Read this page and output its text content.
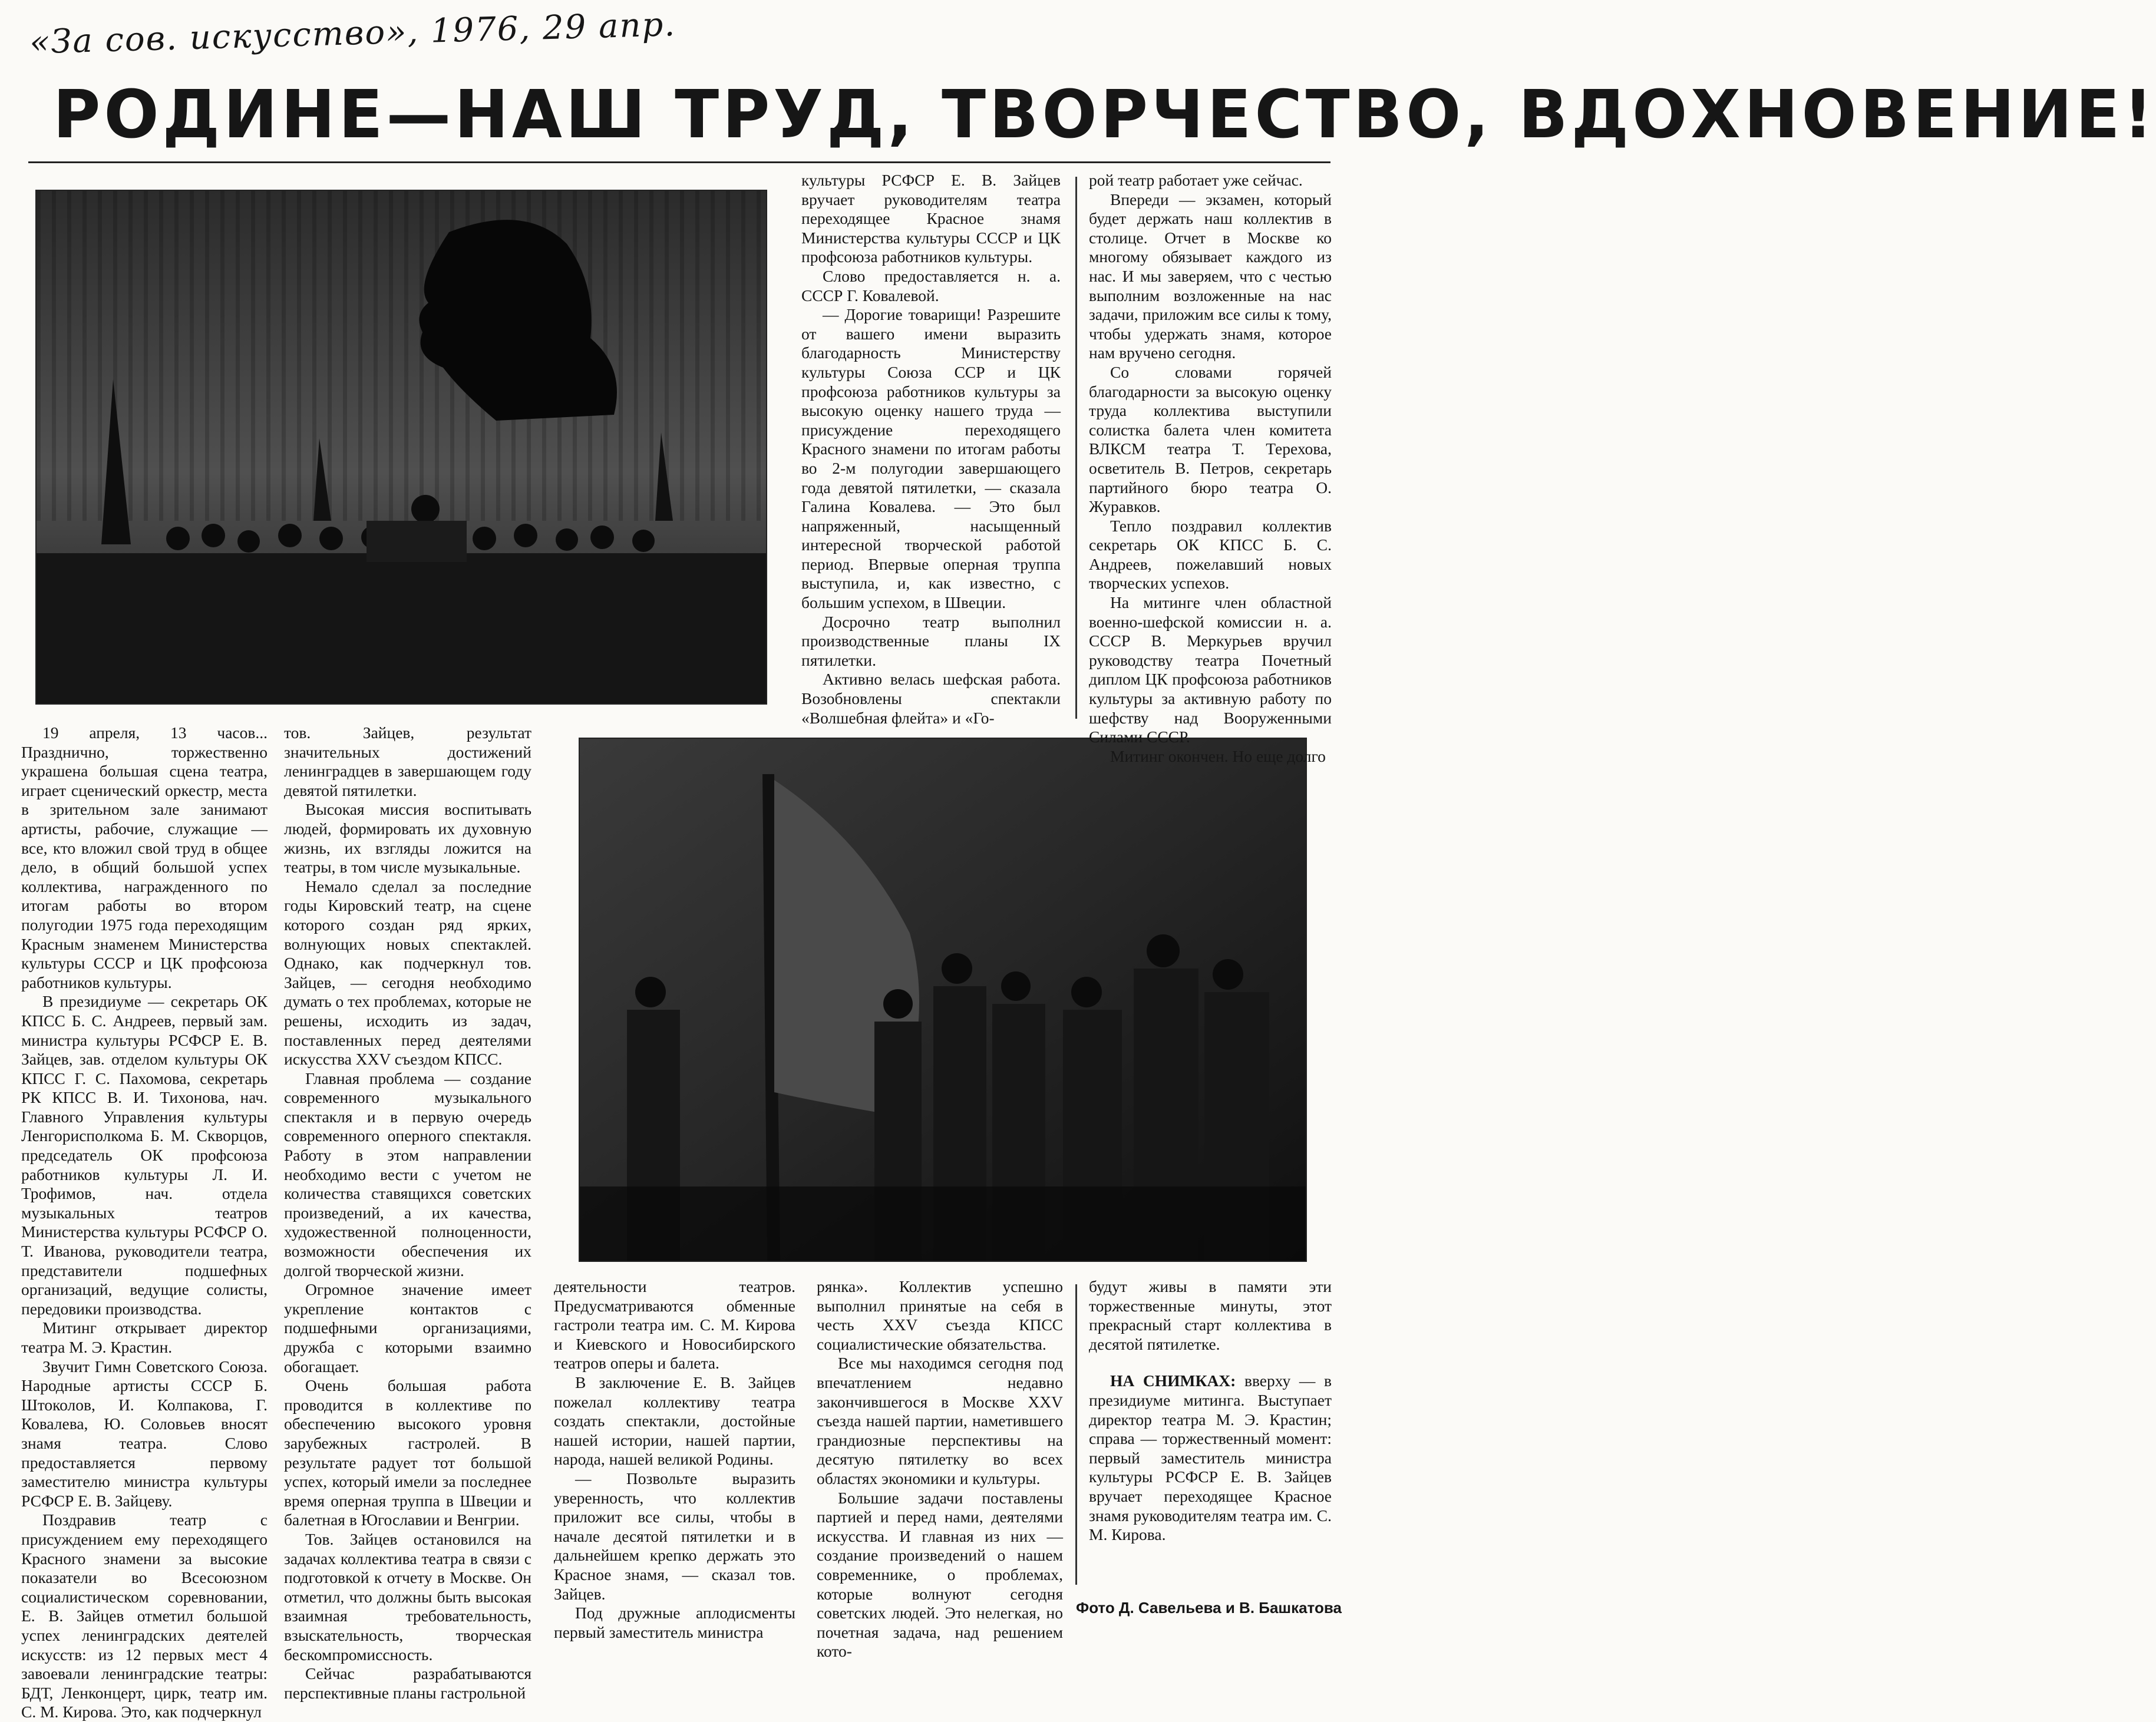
«За сов. искусство», 1976, 29 апр.
РОДИНЕ—НАШ ТРУД, ТВОРЧЕСТВО, ВДОХНОВЕНИЕ!

19 апреля, 13 часов... Празднично, торжественно украшена большая сцена театра, играет сценический оркестр, места в зрительном зале занимают артисты, рабочие, служащие — все, кто вложил свой труд в общее дело, в общий большой успех коллектива, награжденного по итогам работы во втором полугодии 1975 года переходящим Красным знаменем Министерства культуры СССР и ЦК профсоюза работников культуры.

В президиуме — секретарь ОК КПСС Б. С. Андреев, первый зам. министра культуры РСФСР Е. В. Зайцев, зав. отделом культуры ОК КПСС Г. С. Пахомова, секретарь РК КПСС В. И. Тихонова, нач. Главного Управления культуры Ленгорисполкома Б. М. Скворцов, председатель ОК профсоюза работников культуры Л. И. Трофимов, нач. отдела музыкальных театров Министерства культуры РСФСР О. Т. Иванова, руководители театра, представители подшефных организаций, ведущие солисты, передовики производства.

Митинг открывает директор театра М. Э. Крастин.

Звучит Гимн Советского Союза. Народные артисты СССР Б. Штоколов, И. Колпакова, Г. Ковалева, Ю. Соловьев вносят знамя театра. Слово предоставляется первому заместителю министра культуры РСФСР Е. В. Зайцеву.

Поздравив театр с присуждением ему переходящего Красного знамени за высокие показатели во Всесоюзном социалистическом соревновании, Е. В. Зайцев отметил большой успех ленинградских деятелей искусств: из 12 первых мест 4 завоевали ленинградские театры: БДТ, Ленконцерт, цирк, театр им. С. М. Кирова. Это, как подчеркнул

тов. Зайцев, результат значительных достижений ленинградцев в завершающем году девятой пятилетки.

Высокая миссия воспитывать людей, формировать их духовную жизнь, их взгляды ложится на театры, в том числе музыкальные.

Немало сделал за последние годы Кировский театр, на сцене которого создан ряд ярких, волнующих новых спектаклей. Однако, как подчеркнул тов. Зайцев, — сегодня необходимо думать о тех проблемах, которые не решены, исходить из задач, поставленных перед деятелями искусства XXV съездом КПСС.

Главная проблема — создание современного музыкального спектакля и в первую очередь современного оперного спектакля. Работу в этом направлении необходимо вести с учетом не количества ставящихся советских произведений, а их качества, художественной полноценности, возможности обеспечения их долгой творческой жизни.

Огромное значение имеет укрепление контактов с подшефными организациями, дружба с которыми взаимно обогащает.

Очень большая работа проводится в коллективе по обеспечению высокого уровня зарубежных гастролей. В результате радует тот большой успех, который имели за последнее время оперная труппа в Швеции и балетная в Югославии и Венгрии.

Тов. Зайцев остановился на задачах коллектива театра в связи с подготовкой к отчету в Москве. Он отметил, что должны быть высокая взаимная требовательность, взыскательность, творческая бескомпромиссность.

Сейчас разрабатываются перспективные планы гастрольной

культуры РСФСР Е. В. Зайцев вручает руководителям театра переходящее Красное знамя Министерства культуры СССР и ЦК профсоюза работников культуры.

Слово предоставляется н. а. СССР Г. Ковалевой.

— Дорогие товарищи! Разрешите от вашего имени выразить благодарность Министерству культуры Союза ССР и ЦК профсоюза работников культуры за высокую оценку нашего труда — присуждение переходящего Красного знамени по итогам работы во 2-м полугодии завершающего года девятой пятилетки, — сказала Галина Ковалева. — Это был напряженный, насыщенный интересной творческой работой период. Впервые оперная труппа выступила, и, как известно, с большим успехом, в Швеции.

Досрочно театр выполнил производственные планы IX пятилетки.

Активно велась шефская работа. Возобновлены спектакли «Волшебная флейта» и «Го-

рой театр работает уже сейчас.

Впереди — экзамен, который будет держать наш коллектив в столице. Отчет в Москве ко многому обязывает каждого из нас. И мы заверяем, что с честью выполним возложенные на нас задачи, приложим все силы к тому, чтобы удержать знамя, которое нам вручено сегодня.

Со словами горячей благодарности за высокую оценку труда коллектива выступили солистка балета член комитета ВЛКСМ театра Т. Терехова, осветитель В. Петров, секретарь партийного бюро театра О. Журавков.

Тепло поздравил коллектив секретарь ОК КПСС Б. С. Андреев, пожелавший новых творческих успехов.

На митинге член областной военно-шефской комиссии н. а. СССР В. Меркурьев вручил руководству театра Почетный диплом ЦК профсоюза работников культуры за активную работу по шефству над Вооруженными Силами СССР.

Митинг окончен. Но еще долго

деятельности театров. Предусматриваются обменные гастроли театра им. С. М. Кирова и Киевского и Новосибирского театров оперы и балета.

В заключение Е. В. Зайцев пожелал коллективу театра создать спектакли, достойные нашей истории, нашей партии, народа, нашей великой Родины.

— Позвольте выразить уверенность, что коллектив приложит все силы, чтобы в начале десятой пятилетки и в дальнейшем крепко держать это Красное знамя, — сказал тов. Зайцев.

Под дружные аплодисменты первый заместитель министра

рянка». Коллектив успешно выполнил принятые на себя в честь XXV съезда КПСС социалистические обязательства.

Все мы находимся сегодня под впечатлением недавно закончившегося в Москве XXV съезда нашей партии, наметившего грандиозные перспективы на десятую пятилетку во всех областях экономики и культуры.

Большие задачи поставлены партией и перед нами, деятелями искусства. И главная из них — создание произведений о нашем современнике, о проблемах, которые волнуют сегодня советских людей. Это нелегкая, но почетная задача, над решением кото-

будут живы в памяти эти торжественные минуты, этот прекрасный старт коллектива в десятой пятилетке.

НА СНИМКАХ: вверху — в президиуме митинга. Выступает директор театра М. Э. Крастин; справа — торжественный момент: первый заместитель министра культуры РСФСР Е. В. Зайцев вручает переходящее Красное знамя руководителям театра им. С. М. Кирова.

Фото Д. Савельева и В. Башкатова
